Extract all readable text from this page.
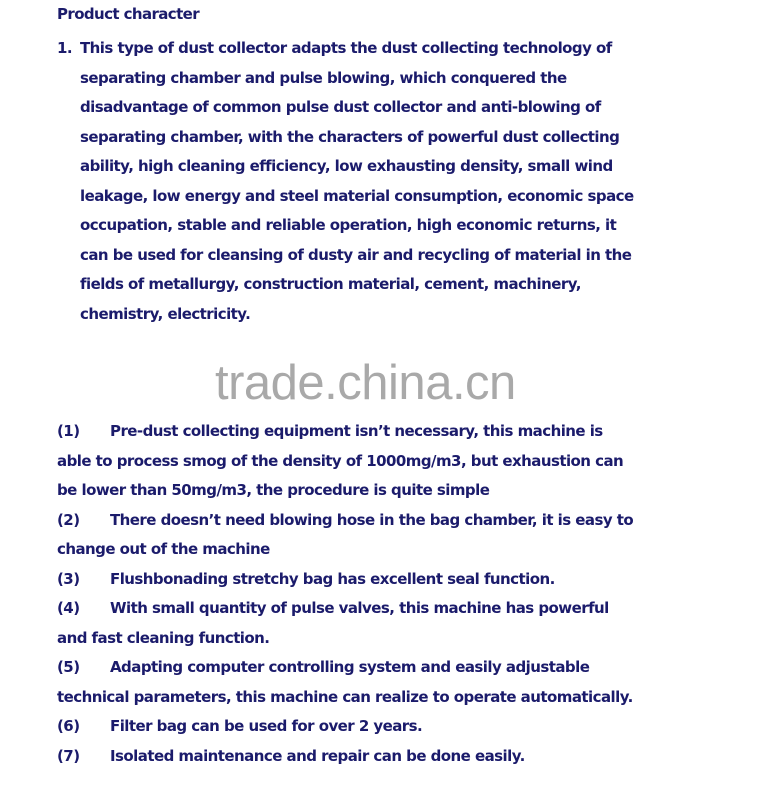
Product character
1. This type of dust collector adapts the dust collecting technology of
separating chamber and pulse blowing, which conquered the
disadvantage of common pulse dust collector and anti-blowing of
separating chamber, with the characters of powerful dust collecting
ability, high cleaning efficiency, low exhausting density, small wind
leakage, low energy and steel material consumption, economic space
occupation, stable and reliable operation, high economic returns, it
can be used for cleansing of dusty air and recycling of material in the
fields of metallurgy, construction material, cement, machinery,
chemistry, electricity.
trade.china.cn
(1) Pre-dust collecting equipment isn’t necessary, this machine is
able to process smog of the density of 1000mg/m3, but exhaustion can
be lower than 50mg/m3, the procedure is quite simple
(2) There doesn’t need blowing hose in the bag chamber, it is easy to
change out of the machine
(3) Flushbonading stretchy bag has excellent seal function.
(4) With small quantity of pulse valves, this machine has powerful
and fast cleaning function.
(5) Adapting computer controlling system and easily adjustable
technical parameters, this machine can realize to operate automatically.
(6) Filter bag can be used for over 2 years.
(7) Isolated maintenance and repair can be done easily.
